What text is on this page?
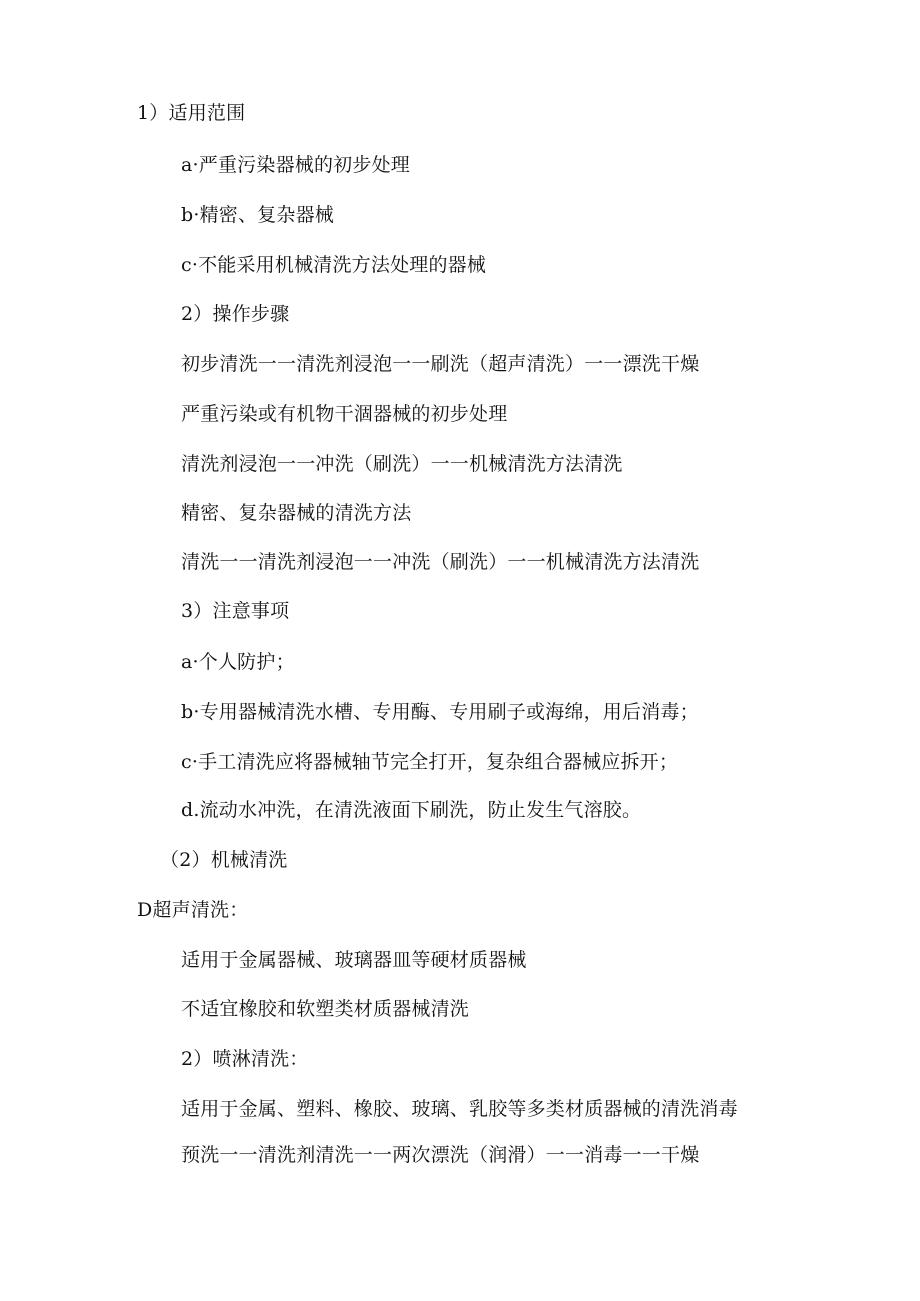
1）适用范围
a·严重污染器械的初步处理
b·精密、复杂器械
c·不能采用机械清洗方法处理的器械
2）操作步骤
初步清洗一一清洗剂浸泡一一刷洗（超声清洗）一一漂洗干燥
严重污染或有机物干涸器械的初步处理
清洗剂浸泡一一冲洗（刷洗）一一机械清洗方法清洗
精密、复杂器械的清洗方法
清洗一一清洗剂浸泡一一冲洗（刷洗）一一机械清洗方法清洗
3）注意事项
a·个人防护；
b·专用器械清洗水槽、专用酶、专用刷子或海绵，用后消毒；
c·手工清洗应将器械轴节完全打开，复杂组合器械应拆开；
d.流动水冲洗，在清洗液面下刷洗，防止发生气溶胶。
（2）机械清洗
D超声清洗：
适用于金属器械、玻璃器皿等硬材质器械
不适宜橡胶和软塑类材质器械清洗
2）喷淋清洗：
适用于金属、塑料、橡胶、玻璃、乳胶等多类材质器械的清洗消毒
预洗一一清洗剂清洗一一两次漂洗（润滑）一一消毒一一干燥
